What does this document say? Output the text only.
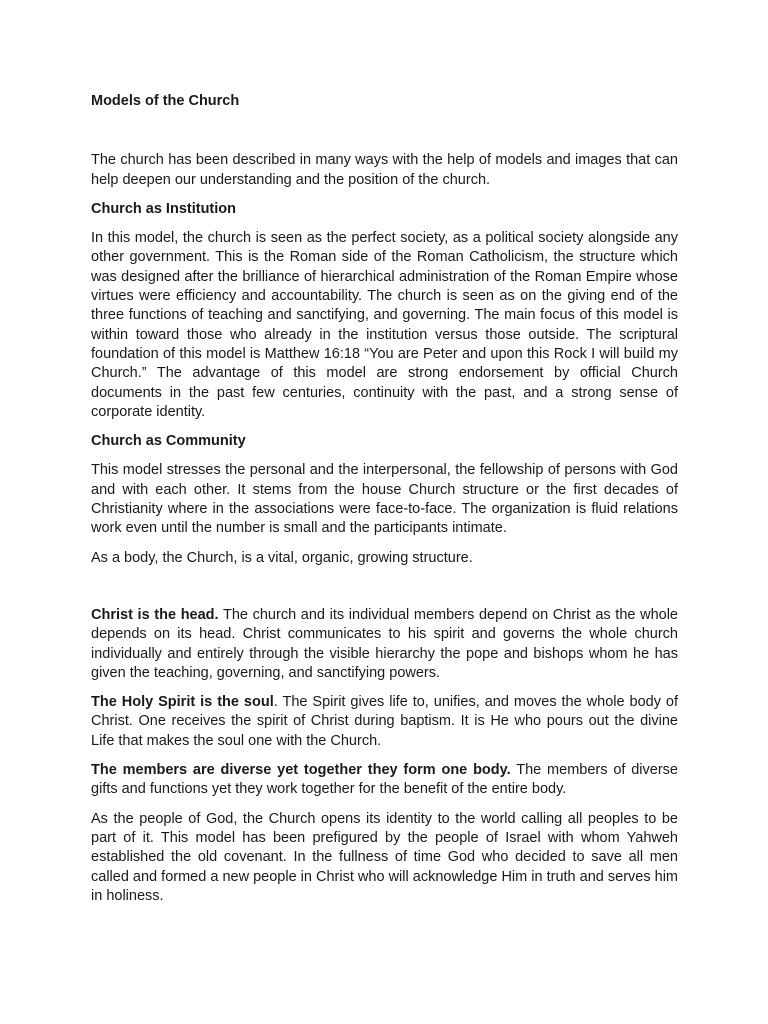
Models of the Church

The church has been described in many ways with the help of models and images that can help deepen our understanding and the position of the church.

Church as Institution

In this model, the church is seen as the perfect society, as a political society alongside any other government. This is the Roman side of the Roman Catholicism, the structure which was designed after the brilliance of hierarchical administration of the Roman Empire whose virtues were efficiency and accountability. The church is seen as on the giving end of the three functions of teaching and sanctifying, and governing. The main focus of this model is within toward those who already in the institution versus those outside. The scriptural foundation of this model is Matthew 16:18 “You are Peter and upon this Rock I will build my Church.” The advantage of this model are strong endorsement by official Church documents in the past few centuries, continuity with the past, and a strong sense of corporate identity.

Church as Community

This model stresses the personal and the interpersonal, the fellowship of persons with God and with each other. It stems from the house Church structure or the first decades of Christianity where in the associations were face-to-face. The organization is fluid relations work even until the number is small and the participants intimate.

As a body, the Church, is a vital, organic, growing structure.

Christ is the head. The church and its individual members depend on Christ as the whole depends on its head. Christ communicates to his spirit and governs the whole church individually and entirely through the visible hierarchy the pope and bishops whom he has given the teaching, governing, and sanctifying powers.

The Holy Spirit is the soul. The Spirit gives life to, unifies, and moves the whole body of Christ. One receives the spirit of Christ during baptism. It is He who pours out the divine Life that makes the soul one with the Church.

The members are diverse yet together they form one body. The members of diverse gifts and functions yet they work together for the benefit of the entire body.

As the people of God, the Church opens its identity to the world calling all peoples to be part of it. This model has been prefigured by the people of Israel with whom Yahweh established the old covenant. In the fullness of time God who decided to save all men called and formed a new people in Christ who will acknowledge Him in truth and serves him in holiness.
